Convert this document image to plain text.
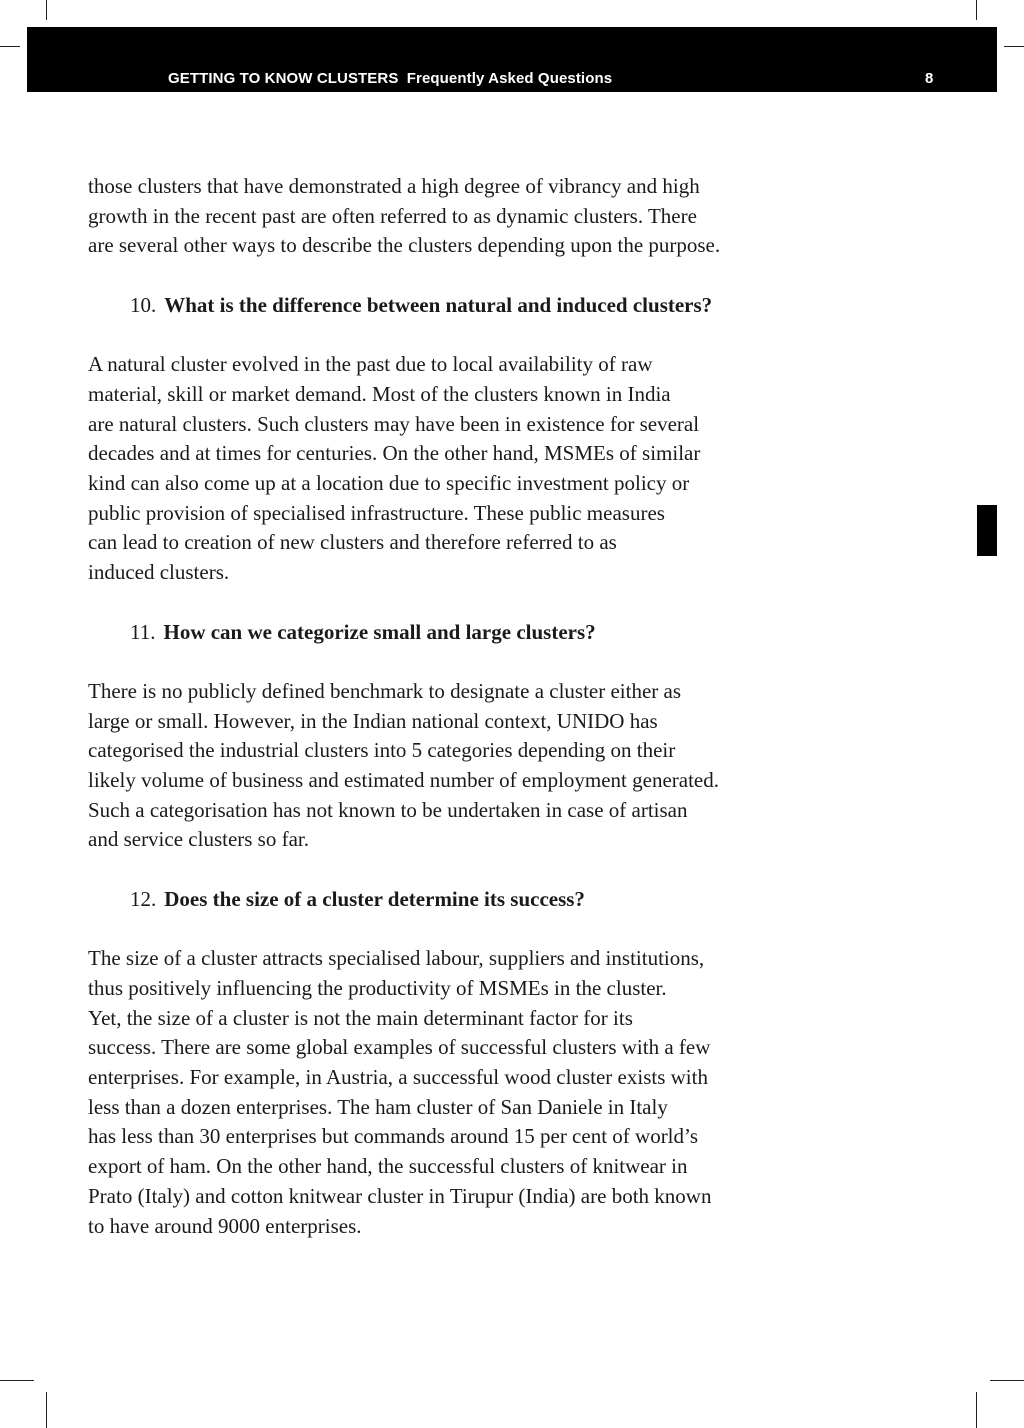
GETTING TO KNOW CLUSTERS Frequently Asked Questions	8

those clusters that have demonstrated a high degree of vibrancy and high
growth in the recent past are often referred to as dynamic clusters. There
are several other ways to describe the clusters depending upon the purpose.

10. What is the difference between natural and induced clusters?

A natural cluster evolved in the past due to local availability of raw
material, skill or market demand. Most of the clusters known in India
are natural clusters. Such clusters may have been in existence for several
decades and at times for centuries. On the other hand, MSMEs of similar
kind can also come up at a location due to specific investment policy or
public provision of specialised infrastructure. These public measures
can lead to creation of new clusters and therefore referred to as
induced clusters.

11. How can we categorize small and large clusters?

There is no publicly defined benchmark to designate a cluster either as
large or small. However, in the Indian national context, UNIDO has
categorised the industrial clusters into 5 categories depending on their
likely volume of business and estimated number of employment generated.
Such a categorisation has not known to be undertaken in case of artisan
and service clusters so far.

12. Does the size of a cluster determine its success?

The size of a cluster attracts specialised labour, suppliers and institutions,
thus positively influencing the productivity of MSMEs in the cluster.
Yet, the size of a cluster is not the main determinant factor for its
success. There are some global examples of successful clusters with a few
enterprises. For example, in Austria, a successful wood cluster exists with
less than a dozen enterprises. The ham cluster of San Daniele in Italy
has less than 30 enterprises but commands around 15 per cent of world’s
export of ham. On the other hand, the successful clusters of knitwear in
Prato (Italy) and cotton knitwear cluster in Tirupur (India) are both known
to have around 9000 enterprises.
